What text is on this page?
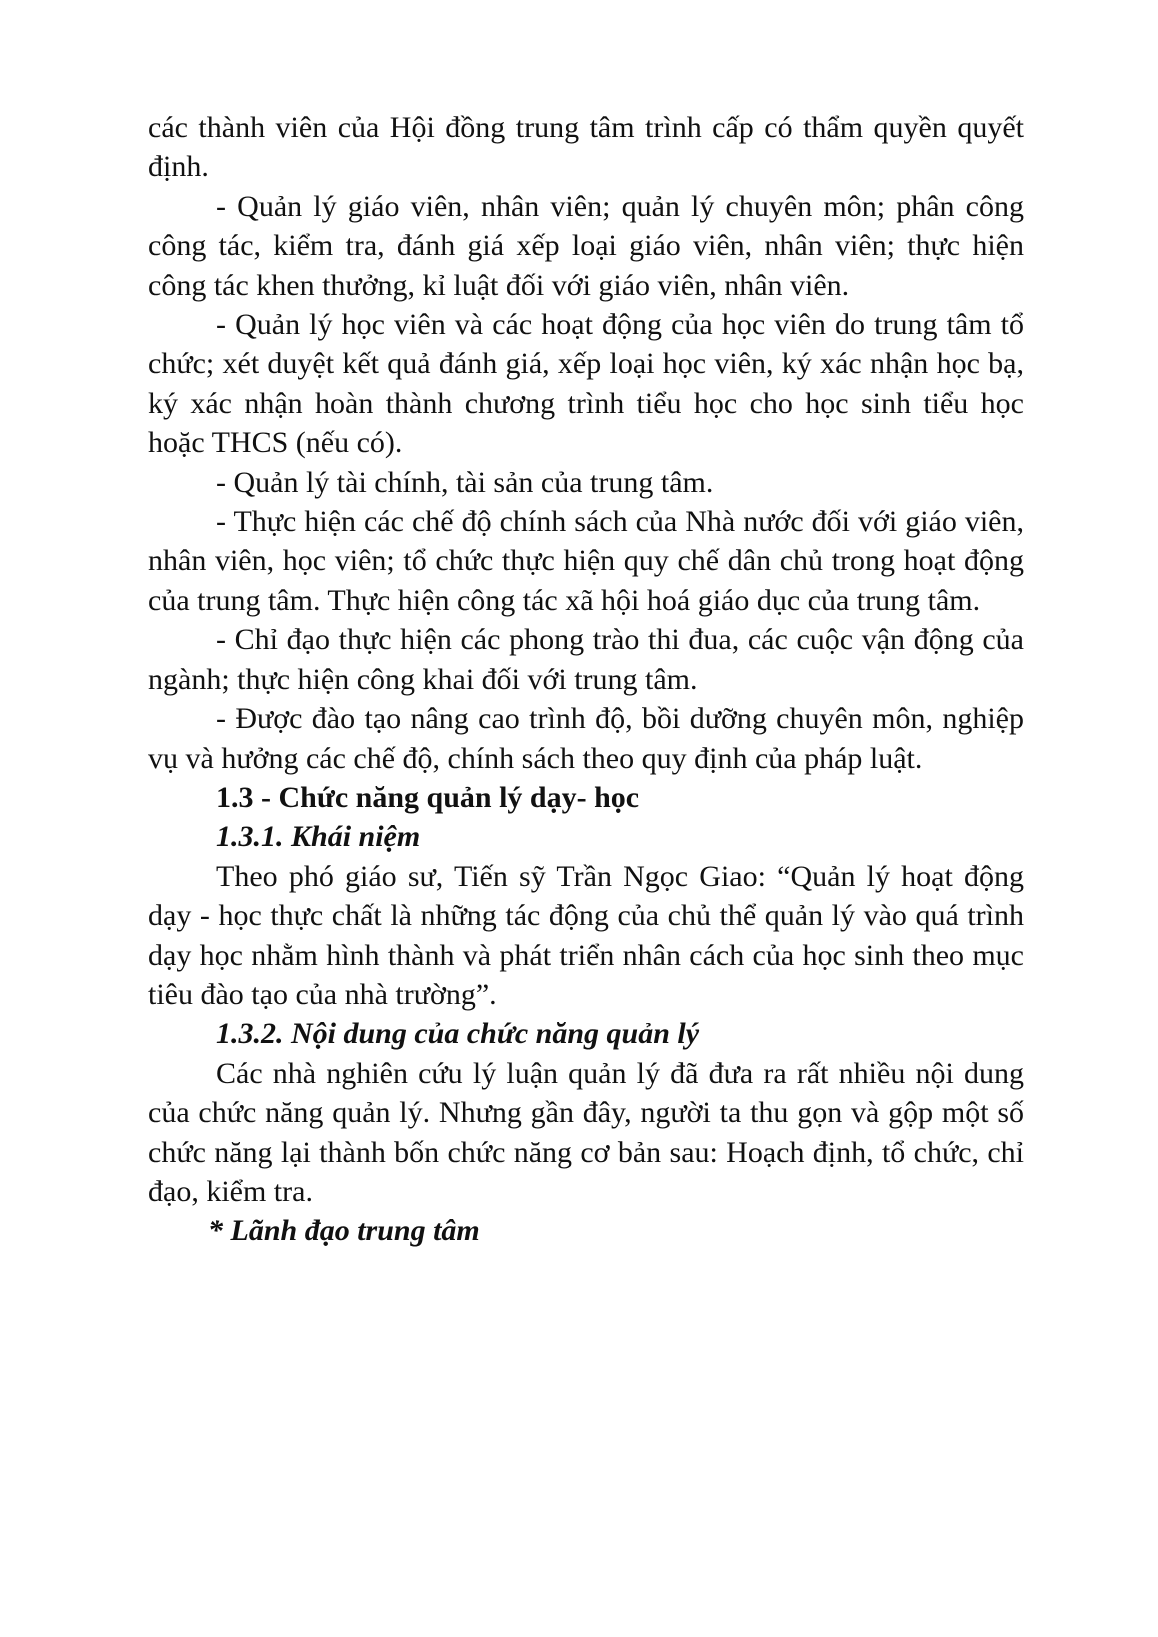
các thành viên của Hội đồng trung tâm trình cấp có thẩm quyền quyết định.

- Quản lý giáo viên, nhân viên; quản lý chuyên môn; phân công công tác, kiểm tra, đánh giá xếp loại giáo viên, nhân viên; thực hiện công tác khen thưởng, kỉ luật đối với giáo viên, nhân viên.

- Quản lý học viên và các hoạt động của học viên do trung tâm tổ chức; xét duyệt kết quả đánh giá, xếp loại học viên, ký xác nhận học bạ, ký xác nhận hoàn thành chương trình tiểu học cho học sinh tiểu học hoặc THCS (nếu có).

- Quản lý tài chính, tài sản của trung tâm.

- Thực hiện các chế độ chính sách của Nhà nước đối với giáo viên, nhân viên, học viên; tổ chức thực hiện quy chế dân chủ trong hoạt động của trung tâm. Thực hiện công tác xã hội hoá giáo dục của trung tâm.

- Chỉ đạo thực hiện các phong trào thi đua, các cuộc vận động của ngành; thực hiện công khai đối với trung tâm.

- Được đào tạo nâng cao trình độ, bồi dưỡng chuyên môn, nghiệp vụ và hưởng các chế độ, chính sách theo quy định của pháp luật.

1.3 - Chức năng quản lý dạy- học

1.3.1. Khái niệm

Theo phó giáo sư, Tiến sỹ Trần Ngọc Giao: “Quản lý hoạt động dạy - học thực chất là những tác động của chủ thể quản lý vào quá trình dạy học nhằm hình thành và phát triển nhân cách của học sinh theo mục tiêu đào tạo của nhà trường”.

1.3.2. Nội dung của chức năng quản lý

Các nhà nghiên cứu lý luận quản lý đã đưa ra rất nhiều nội dung của chức năng quản lý. Nhưng gần đây, người ta thu gọn và gộp một số chức năng lại thành bốn chức năng cơ bản sau: Hoạch định, tổ chức, chỉ đạo, kiểm tra.

* Lãnh đạo trung tâm
